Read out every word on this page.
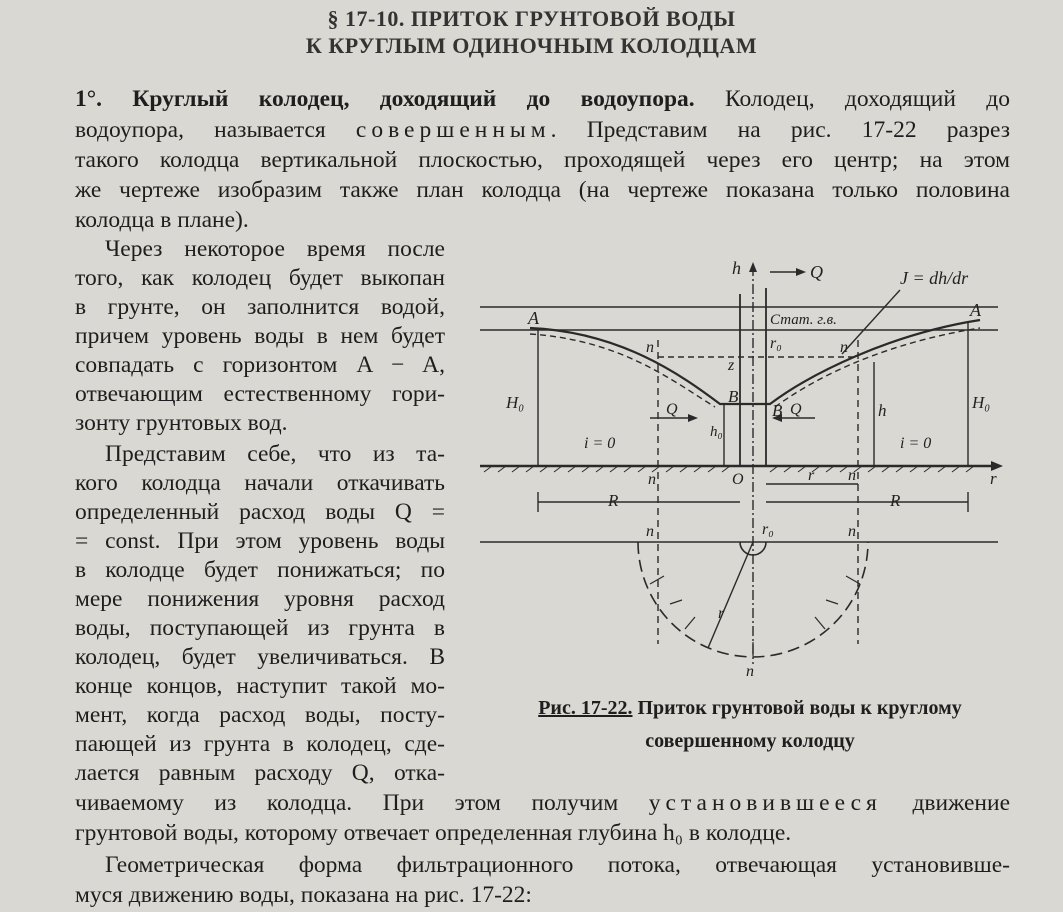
§ 17-10. ПРИТОК ГРУНТОВОЙ ВОДЫ
К КРУГЛЫМ ОДИНОЧНЫМ КОЛОДЦАМ
1°. Круглый колодец, доходящий до водоупора. Колодец, доходящий до
водоупора, называется совершенным. Представим на рис. 17-22 разрез
такого колодца вертикальной плоскостью, проходящей через его центр; на этом
же чертеже изобразим также план колодца (на чертеже показана только половина
колодца в плане).
Через некоторое время после
того, как колодец будет выкопан
в грунте, он заполнится водой,
причем уровень воды в нем будет
совпадать с горизонтом A − A,
отвечающим естественному гори-
зонту грунтовых вод.
Представим себе, что из та-
кого колодца начали откачивать
определенный расход воды Q =
= const. При этом уровень воды
в колодце будет понижаться; по
мере понижения уровня расход
воды, поступающей из грунта в
колодец, будет увеличиваться. В
конце концов, наступит такой мо-
мент, когда расход воды, посту-
пающей из грунта в колодец, сде-
лается равным расходу Q, отка-
чиваемому из колодца. При этом получим установившееся движение
грунтовой воды, которому отвечает определенная глубина h₀ в колодце.
Геометрическая форма фильтрационного потока, отвечающая установивше-
муся движению воды, показана на рис. 17-22:
h	Q	J = dh/dr
A	A
Стат. г.в.
r₀
n	n
z
B
B
H₀	H₀
Q	Q
h₀
h
i = 0	i = 0
O	r
n	n
r
R	R
n	n
r₀
r
n
Рис. 17-22. Приток грунтовой воды к круглому
совершенному колодцу
